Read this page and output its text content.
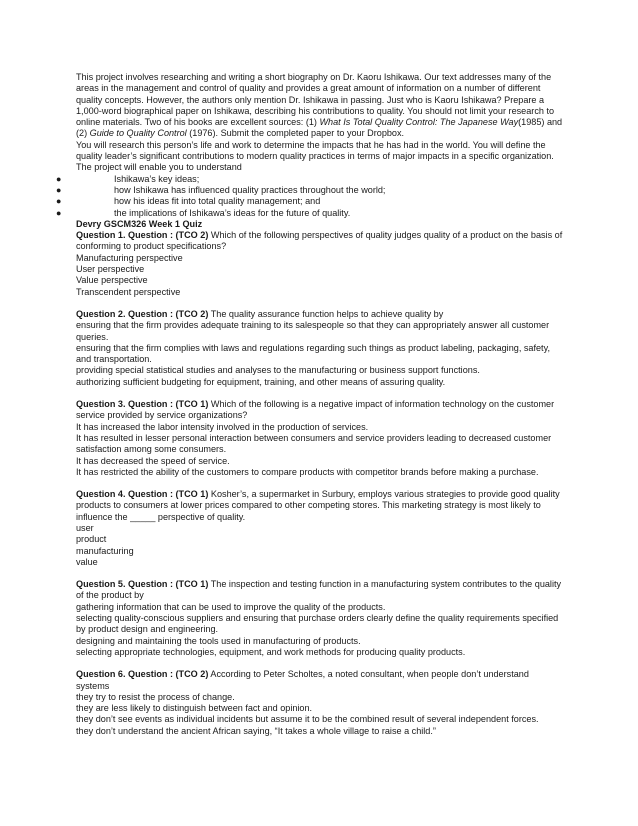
This project involves researching and writing a short biography on Dr. Kaoru Ishikawa. Our text addresses many of the areas in the management and control of quality and provides a great amount of information on a number of different quality concepts. However, the authors only mention Dr. Ishikawa in passing. Just who is Kaoru Ishikawa? Prepare a 1,000-word biographical paper on Ishikawa, describing his contributions to quality. You should not limit your research to online materials. Two of his books are excellent sources: (1) What Is Total Quality Control: The Japanese Way(1985) and (2) Guide to Quality Control (1976). Submit the completed paper to your Dropbox.

You will research this person’s life and work to determine the impacts that he has had in the world. You will define the quality leader’s significant contributions to modern quality practices in terms of major impacts in a specific organization. The project will enable you to understand

●	Ishikawa’s key ideas;
●	how Ishikawa has influenced quality practices throughout the world;
●	how his ideas fit into total quality management; and
●	the implications of Ishikawa’s ideas for the future of quality.

Devry GSCM326 Week 1 Quiz

Question 1. Question : (TCO 2) Which of the following perspectives of quality judges quality of a product on the basis of conforming to product specifications?

Manufacturing perspective
User perspective
Value perspective
Transcendent perspective

Question 2. Question : (TCO 2) The quality assurance function helps to achieve quality by

ensuring that the firm provides adequate training to its salespeople so that they can appropriately answer all customer queries.
ensuring that the firm complies with laws and regulations regarding such things as product labeling, packaging, safety, and transportation.
providing special statistical studies and analyses to the manufacturing or business support functions.
authorizing sufficient budgeting for equipment, training, and other means of assuring quality.

Question 3. Question : (TCO 1) Which of the following is a negative impact of information technology on the customer service provided by service organizations?

It has increased the labor intensity involved in the production of services.
It has resulted in lesser personal interaction between consumers and service providers leading to decreased customer satisfaction among some consumers.
It has decreased the speed of service.
It has restricted the ability of the customers to compare products with competitor brands before making a purchase.

Question 4. Question : (TCO 1) Kosher’s, a supermarket in Surbury, employs various strategies to provide good quality products to consumers at lower prices compared to other competing stores. This marketing strategy is most likely to influence the _____ perspective of quality.

user
product
manufacturing
value

Question 5. Question : (TCO 1) The inspection and testing function in a manufacturing system contributes to the quality of the product by

gathering information that can be used to improve the quality of the products.
selecting quality-conscious suppliers and ensuring that purchase orders clearly define the quality requirements specified by product design and engineering.
designing and maintaining the tools used in manufacturing of products.
selecting appropriate technologies, equipment, and work methods for producing quality products.

Question 6. Question : (TCO 2) According to Peter Scholtes, a noted consultant, when people don’t understand systems

they try to resist the process of change.
they are less likely to distinguish between fact and opinion.
they don’t see events as individual incidents but assume it to be the combined result of several independent forces.
they don’t understand the ancient African saying, “It takes a whole village to raise a child.”
